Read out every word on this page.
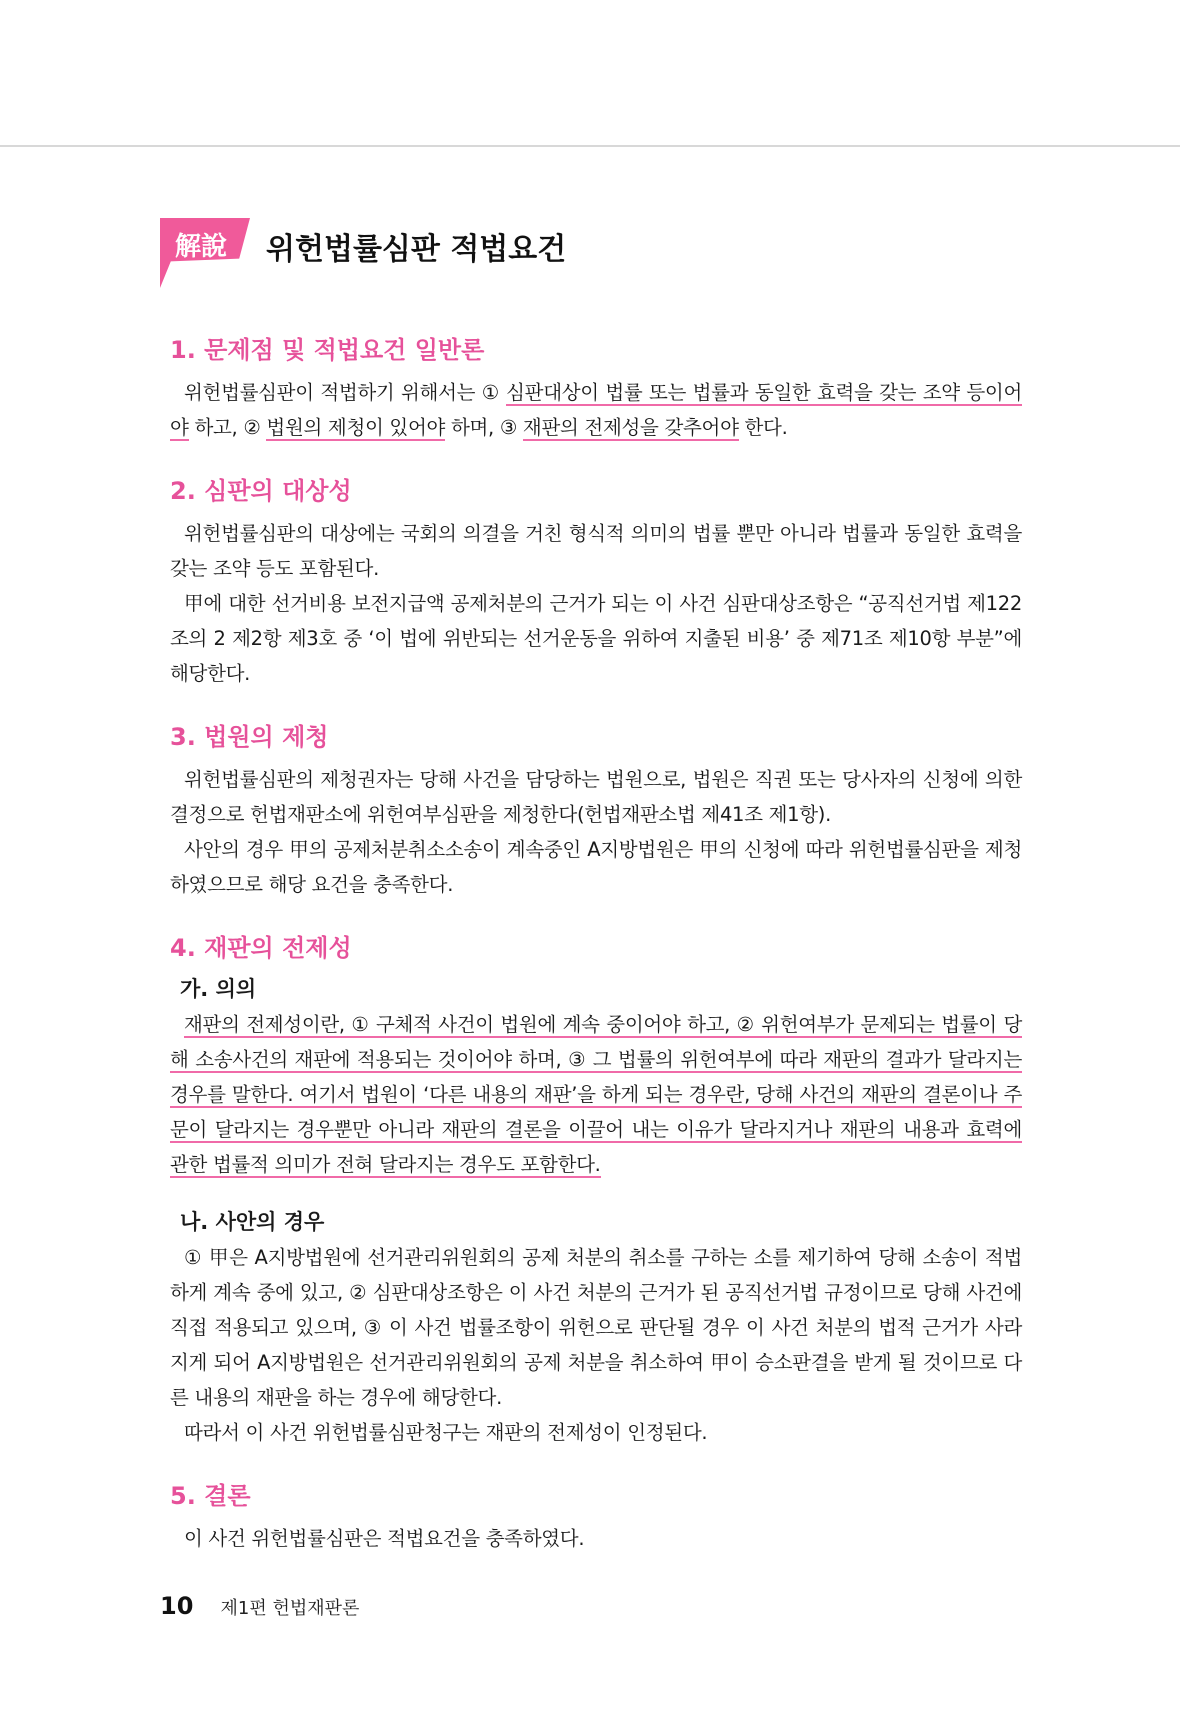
解說 위헌법률심판 적법요건
1. 문제점 및 적법요건 일반론

위헌법률심판이 적법하기 위해서는 ① 심판대상이 법률 또는 법률과 동일한 효력을 갖는 조약 등이어야 하고, ② 법원의 제청이 있어야 하며, ③ 재판의 전제성을 갖추어야 한다.

2. 심판의 대상성

위헌법률심판의 대상에는 국회의 의결을 거친 형식적 의미의 법률 뿐만 아니라 법률과 동일한 효력을 갖는 조약 등도 포함된다.

甲에 대한 선거비용 보전지급액 공제처분의 근거가 되는 이 사건 심판대상조항은 “공직선거법 제122조의 2 제2항 제3호 중 ‘이 법에 위반되는 선거운동을 위하여 지출된 비용’ 중 제71조 제10항 부분”에 해당한다.

3. 법원의 제청

위헌법률심판의 제청권자는 당해 사건을 담당하는 법원으로, 법원은 직권 또는 당사자의 신청에 의한 결정으로 헌법재판소에 위헌여부심판을 제청한다(헌법재판소법 제41조 제1항).

사안의 경우 甲의 공제처분취소소송이 계속중인 A지방법원은 甲의 신청에 따라 위헌법률심판을 제청하였으므로 해당 요건을 충족한다.

4. 재판의 전제성
가. 의의

재판의 전제성이란, ① 구체적 사건이 법원에 계속 중이어야 하고, ② 위헌여부가 문제되는 법률이 당해 소송사건의 재판에 적용되는 것이어야 하며, ③ 그 법률의 위헌여부에 따라 재판의 결과가 달라지는 경우를 말한다. 여기서 법원이 ‘다른 내용의 재판’을 하게 되는 경우란, 당해 사건의 재판의 결론이나 주문이 달라지는 경우뿐만 아니라 재판의 결론을 이끌어 내는 이유가 달라지거나 재판의 내용과 효력에 관한 법률적 의미가 전혀 달라지는 경우도 포함한다.

나. 사안의 경우

① 甲은 A지방법원에 선거관리위원회의 공제 처분의 취소를 구하는 소를 제기하여 당해 소송이 적법하게 계속 중에 있고, ② 심판대상조항은 이 사건 처분의 근거가 된 공직선거법 규정이므로 당해 사건에 직접 적용되고 있으며, ③ 이 사건 법률조항이 위헌으로 판단될 경우 이 사건 처분의 법적 근거가 사라지게 되어 A지방법원은 선거관리위원회의 공제 처분을 취소하여 甲이 승소판결을 받게 될 것이므로 다른 내용의 재판을 하는 경우에 해당한다.

따라서 이 사건 위헌법률심판청구는 재판의 전제성이 인정된다.

5. 결론

이 사건 위헌법률심판은 적법요건을 충족하였다.

10 제1편 헌법재판론
